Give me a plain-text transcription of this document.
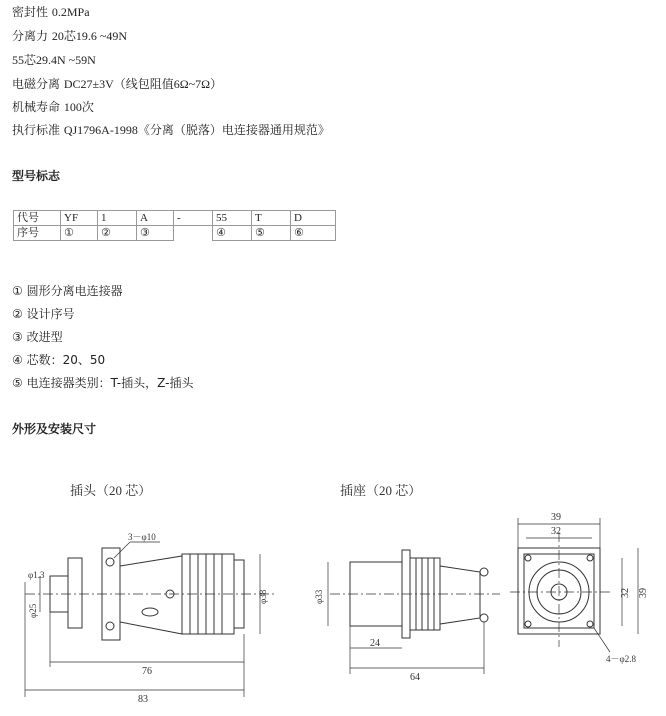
密封性 0.2MPa
分离力 20芯19.6 ~49N
55芯29.4N ~59N
电磁分离 DC27±3V（线包阻值6Ω~7Ω）
机械寿命 100次
执行标准 QJ1796A-1998《分离（脱落）电连接器通用规范》
型号标志
代号	YF	1	A	-	55	T	D
序号	①	②	③		④	⑤	⑥
① 圆形分离电连接器
② 设计序号
③ 改进型
④ 芯数：20、50
⑤ 电连接器类别：T-插头，Z-插头
外形及安装尺寸
插头（20 芯）	插座（20 芯）
3－φ10
φ1.3
φ25
φ38
76
83
φ33
24
64
39
32
32 39
4－φ2.8
